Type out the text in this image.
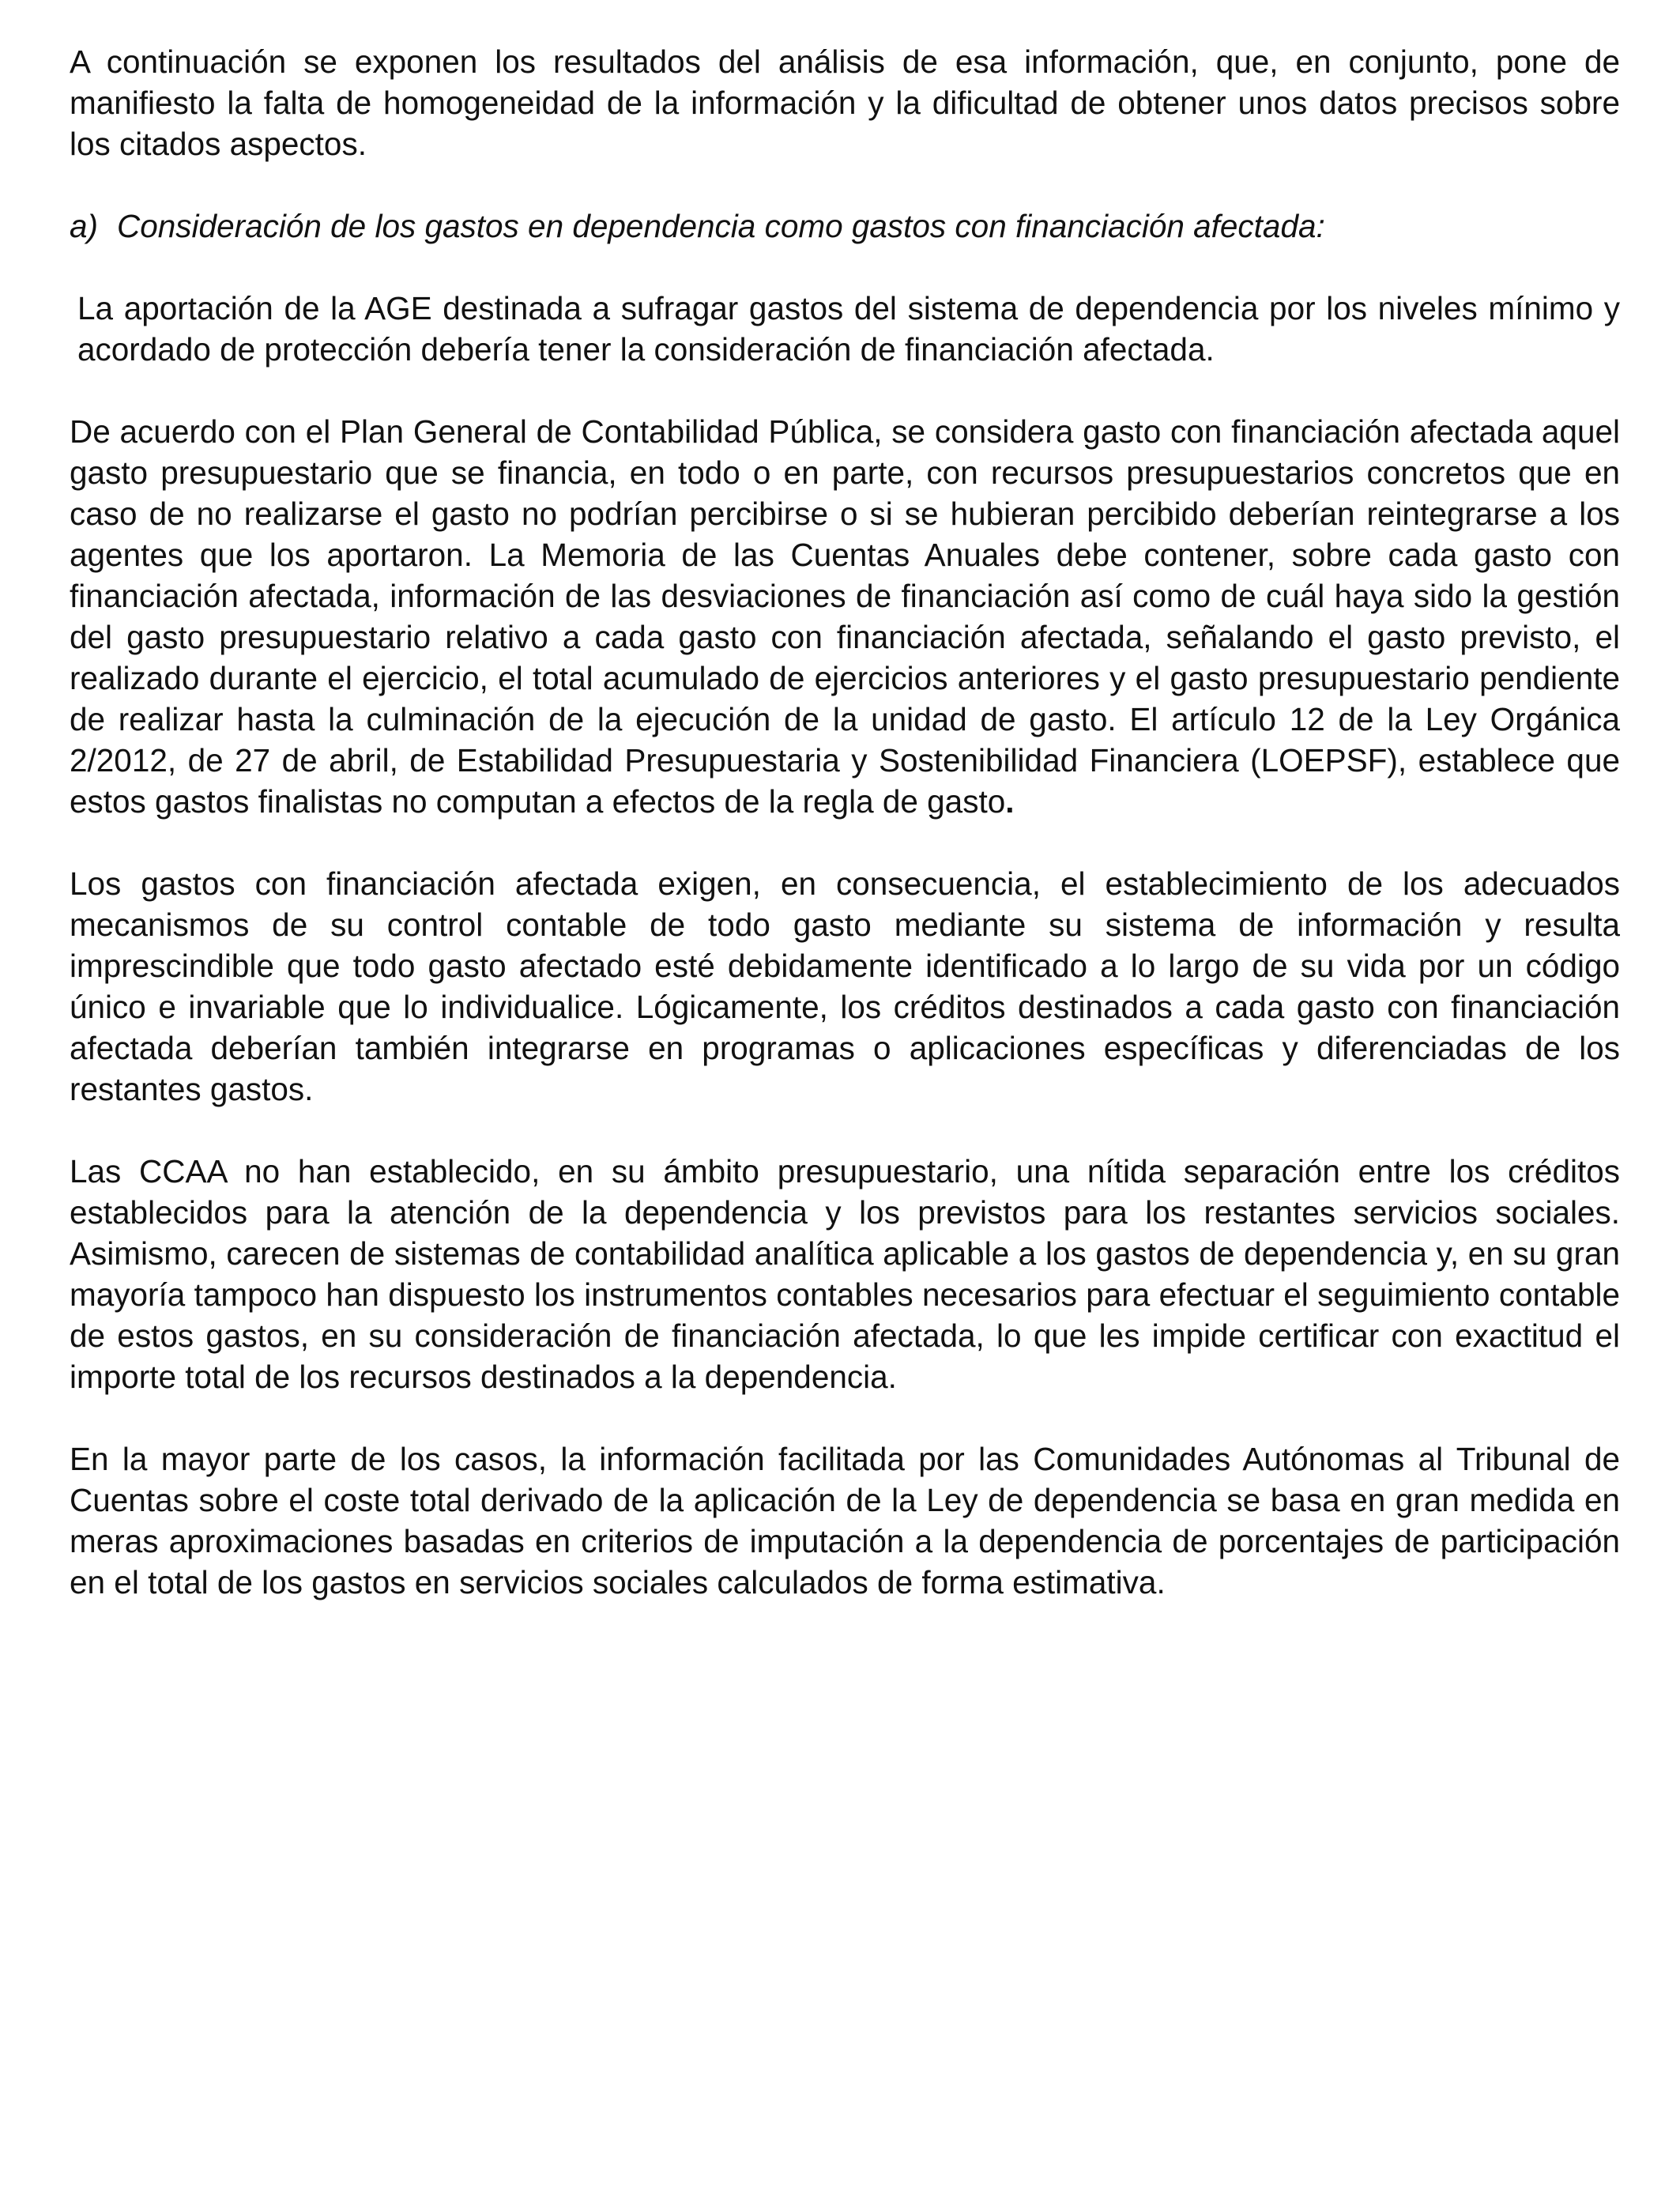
A continuación se exponen los resultados del análisis de esa información, que, en conjunto, pone de manifiesto la falta de homogeneidad de la información y la dificultad de obtener unos datos precisos sobre los citados aspectos.

a) Consideración de los gastos en dependencia como gastos con financiación afectada:

La aportación de la AGE destinada a sufragar gastos del sistema de dependencia por los niveles mínimo y acordado de protección debería tener la consideración de financiación afectada.

De acuerdo con el Plan General de Contabilidad Pública, se considera gasto con financiación afectada aquel gasto presupuestario que se financia, en todo o en parte, con recursos presupuestarios concretos que en caso de no realizarse el gasto no podrían percibirse o si se hubieran percibido deberían reintegrarse a los agentes que los aportaron. La Memoria de las Cuentas Anuales debe contener, sobre cada gasto con financiación afectada, información de las desviaciones de financiación así como de cuál haya sido la gestión del gasto presupuestario relativo a cada gasto con financiación afectada, señalando el gasto previsto, el realizado durante el ejercicio, el total acumulado de ejercicios anteriores y el gasto presupuestario pendiente de realizar hasta la culminación de la ejecución de la unidad de gasto. El artículo 12 de la Ley Orgánica 2/2012, de 27 de abril, de Estabilidad Presupuestaria y Sostenibilidad Financiera (LOEPSF), establece que estos gastos finalistas no computan a efectos de la regla de gasto.

Los gastos con financiación afectada exigen, en consecuencia, el establecimiento de los adecuados mecanismos de su control contable de todo gasto mediante su sistema de información y resulta imprescindible que todo gasto afectado esté debidamente identificado a lo largo de su vida por un código único e invariable que lo individualice. Lógicamente, los créditos destinados a cada gasto con financiación afectada deberían también integrarse en programas o aplicaciones específicas y diferenciadas de los restantes gastos.

Las CCAA no han establecido, en su ámbito presupuestario, una nítida separación entre los créditos establecidos para la atención de la dependencia y los previstos para los restantes servicios sociales. Asimismo, carecen de sistemas de contabilidad analítica aplicable a los gastos de dependencia y, en su gran mayoría tampoco han dispuesto los instrumentos contables necesarios para efectuar el seguimiento contable de estos gastos, en su consideración de financiación afectada, lo que les impide certificar con exactitud el importe total de los recursos destinados a la dependencia.

En la mayor parte de los casos, la información facilitada por las Comunidades Autónomas al Tribunal de Cuentas sobre el coste total derivado de la aplicación de la Ley de dependencia se basa en gran medida en meras aproximaciones basadas en criterios de imputación a la dependencia de porcentajes de participación en el total de los gastos en servicios sociales calculados de forma estimativa.
